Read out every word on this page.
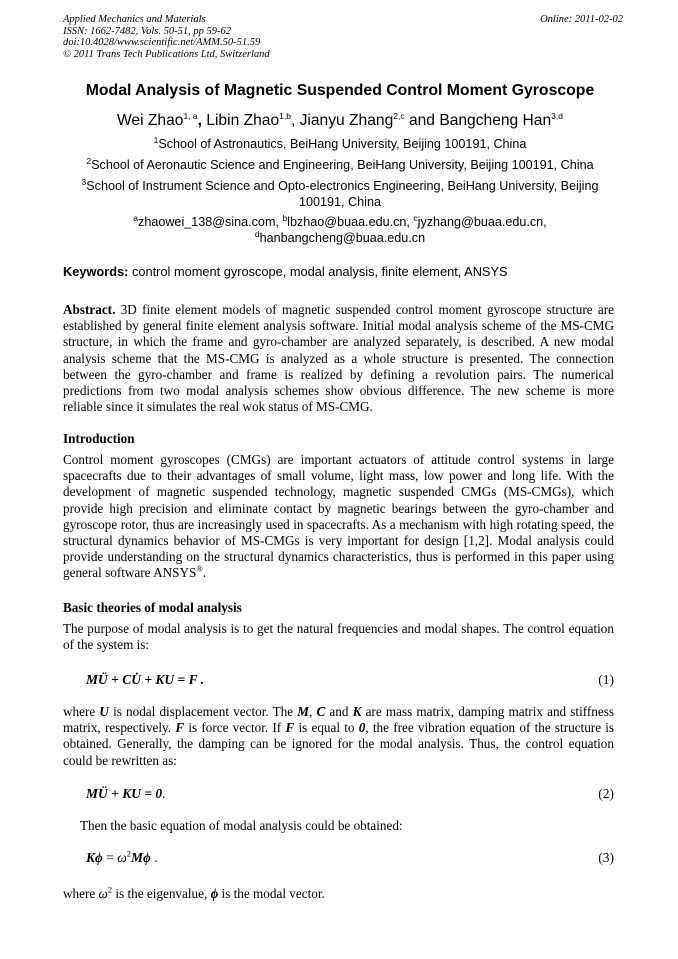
Applied Mechanics and Materials
ISSN: 1662-7482, Vols. 50-51, pp 59-62
doi:10.4028/www.scientific.net/AMM.50-51.59
© 2011 Trans Tech Publications Ltd, Switzerland
Online: 2011-02-02
Modal Analysis of Magnetic Suspended Control Moment Gyroscope
Wei Zhao$^{1, a}$, Libin Zhao$^{1,b}$, Jianyu Zhang$^{2,c}$ and Bangcheng Han$^{3,d}$
$^1$School of Astronautics, BeiHang University, Beijing 100191, China
$^2$School of Aeronautic Science and Engineering, BeiHang University, Beijing 100191, China
$^3$School of Instrument Science and Opto-electronics Engineering, BeiHang University, Beijing
100191, China
$^a$zhaowei_138@sina.com, $^b$lbzhao@buaa.edu.cn, $^c$jyzhang@buaa.edu.cn,
$^d$hanbangcheng@buaa.edu.cn
Keywords: control moment gyroscope, modal analysis, finite element, ANSYS
Abstract. 3D finite element models of magnetic suspended control moment gyroscope structure are established by general finite element analysis software. Initial modal analysis scheme of the MS-CMG structure, in which the frame and gyro-chamber are analyzed separately, is described. A new modal analysis scheme that the MS-CMG is analyzed as a whole structure is presented. The connection between the gyro-chamber and frame is realized by defining a revolution pairs. The numerical predictions from two modal analysis schemes show obvious difference. The new scheme is more reliable since it simulates the real wok status of MS-CMG.
Introduction
Control moment gyroscopes (CMGs) are important actuators of attitude control systems in large spacecrafts due to their advantages of small volume, light mass, low power and long life. With the development of magnetic suspended technology, magnetic suspended CMGs (MS-CMGs), which provide high precision and eliminate contact by magnetic bearings between the gyro-chamber and gyroscope rotor, thus are increasingly used in spacecrafts. As a mechanism with high rotating speed, the structural dynamics behavior of MS-CMGs is very important for design [1,2]. Modal analysis could provide understanding on the structural dynamics characteristics, thus is performed in this paper using general software ANSYS®.
Basic theories of modal analysis
The purpose of modal analysis is to get the natural frequencies and modal shapes. The control equation of the system is:
MÜ + CU̇ + KU = F .	(1)
where U is nodal displacement vector. The M, C and K are mass matrix, damping matrix and stiffness matrix, respectively. F is force vector. If F is equal to 0, the free vibration equation of the structure is obtained. Generally, the damping can be ignored for the modal analysis. Thus, the control equation could be rewritten as:
MÜ + KU = 0.	(2)
Then the basic equation of modal analysis could be obtained:
$K\phi = \omega^2M\phi$ .	(3)
where $\omega^2$ is the eigenvalue, ϕ is the modal vector.
